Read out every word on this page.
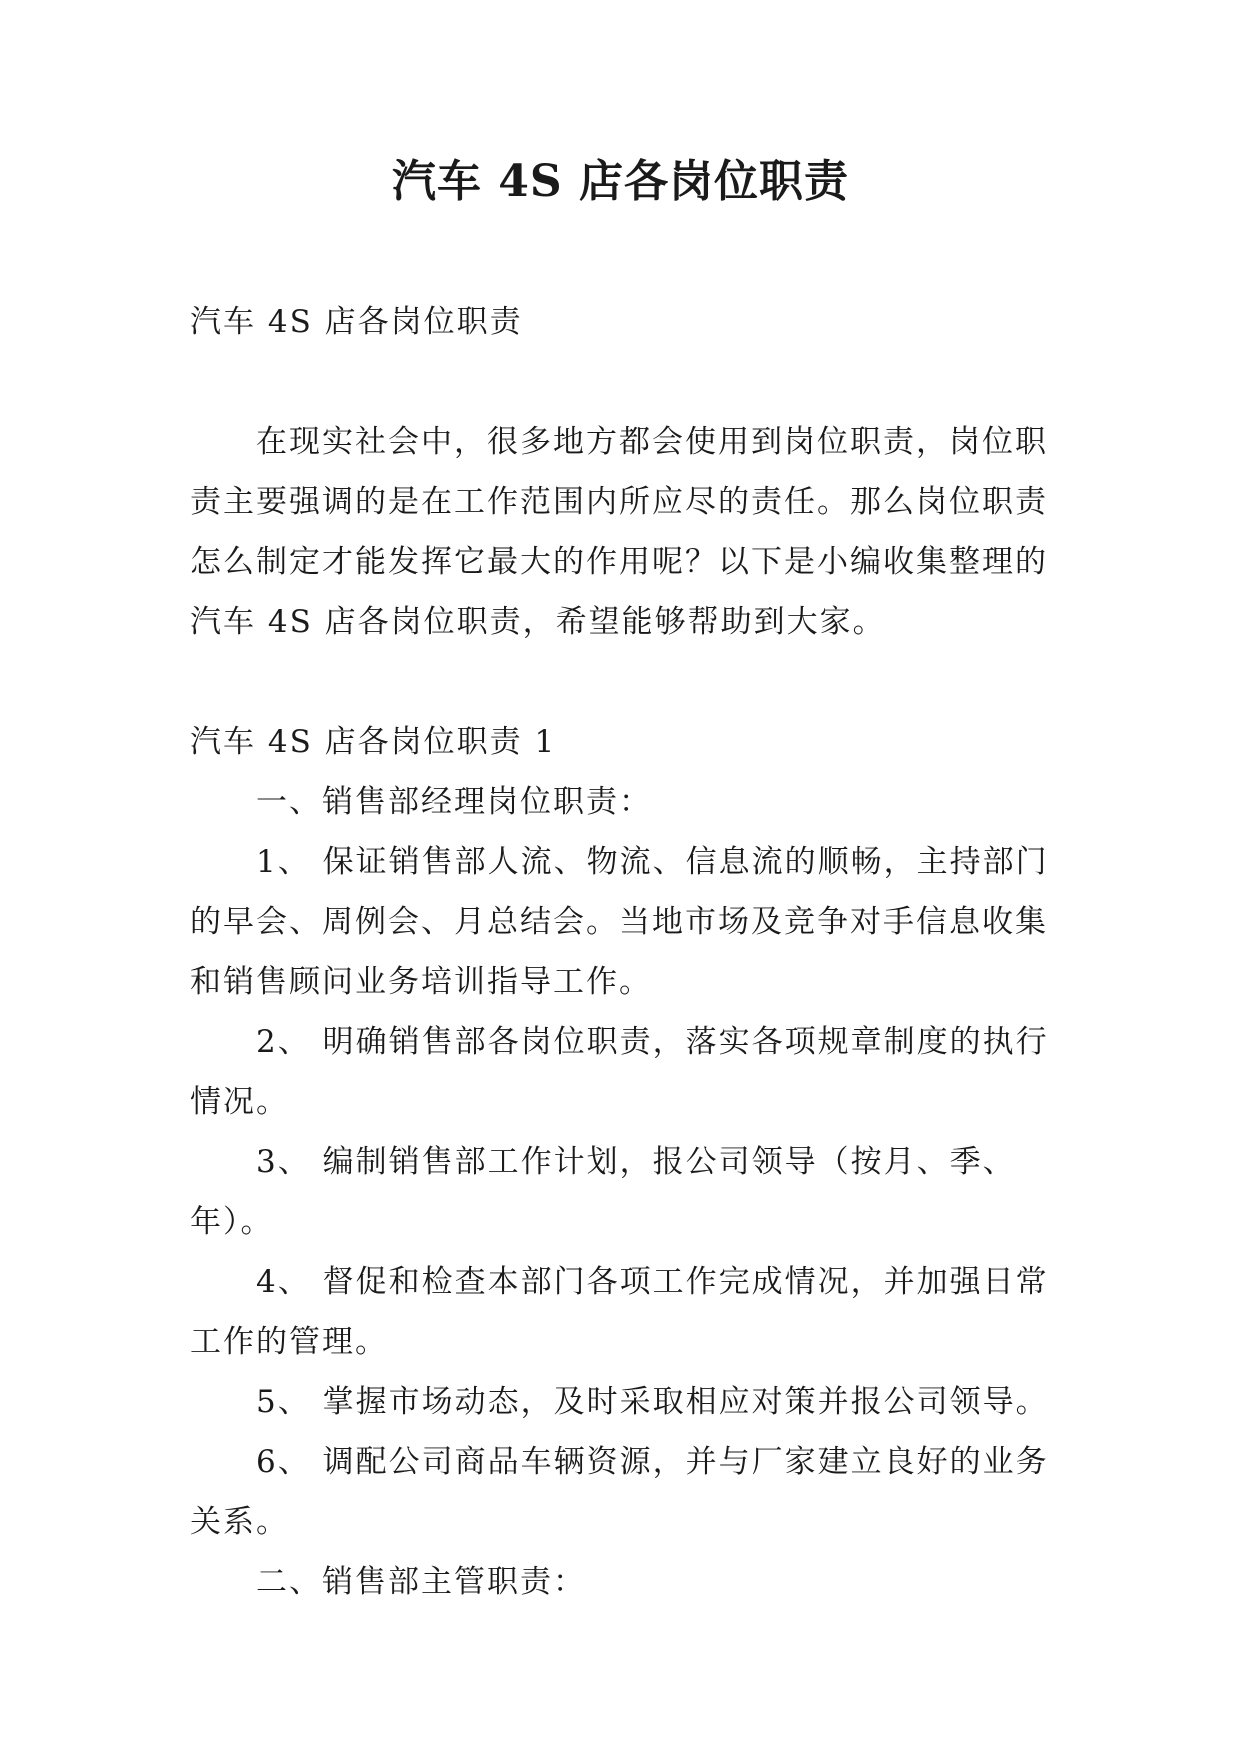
汽车 4S 店各岗位职责

汽车 4S 店各岗位职责

在现实社会中，很多地方都会使用到岗位职责，岗位职责主要强调的是在工作范围内所应尽的责任。那么岗位职责怎么制定才能发挥它最大的作用呢？以下是小编收集整理的汽车 4S 店各岗位职责，希望能够帮助到大家。

汽车 4S 店各岗位职责 1

一、销售部经理岗位职责：

1、 保证销售部人流、物流、信息流的顺畅，主持部门的早会、周例会、月总结会。当地市场及竞争对手信息收集和销售顾问业务培训指导工作。

2、 明确销售部各岗位职责，落实各项规章制度的执行情况。

3、 编制销售部工作计划，报公司领导（按月、季、年）。

4、 督促和检查本部门各项工作完成情况，并加强日常工作的管理。

5、 掌握市场动态，及时采取相应对策并报公司领导。

6、 调配公司商品车辆资源，并与厂家建立良好的业务关系。

二、销售部主管职责：
